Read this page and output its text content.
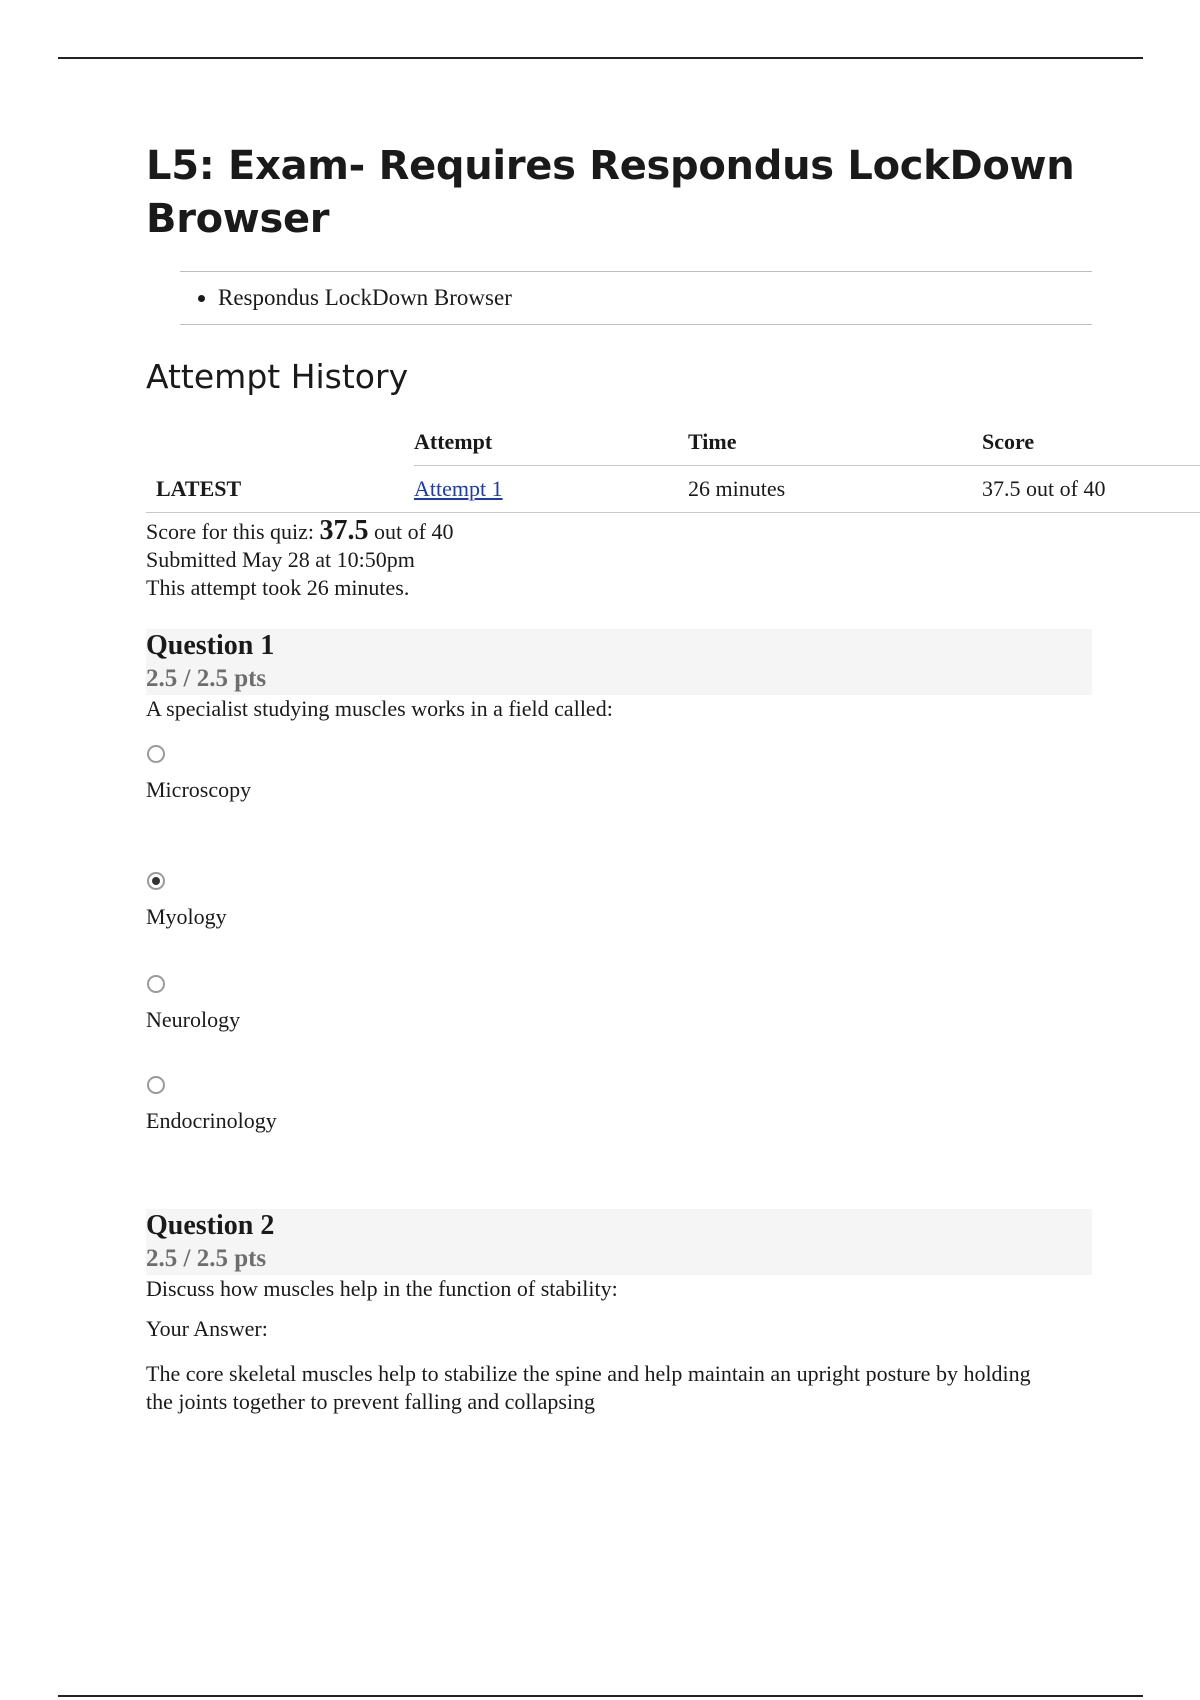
L5: Exam- Requires Respondus LockDown Browser
• Respondus LockDown Browser
Attempt History
	Attempt	Time	Score
LATEST	Attempt 1	26 minutes	37.5 out of 40
Score for this quiz: 37.5 out of 40
Submitted May 28 at 10:50pm
This attempt took 26 minutes.
Question 1
2.5 / 2.5 pts
A specialist studying muscles works in a field called:
Microscopy
Myology
Neurology
Endocrinology
Question 2
2.5 / 2.5 pts
Discuss how muscles help in the function of stability:
Your Answer:
The core skeletal muscles help to stabilize the spine and help maintain an upright posture by holding the joints together to prevent falling and collapsing
